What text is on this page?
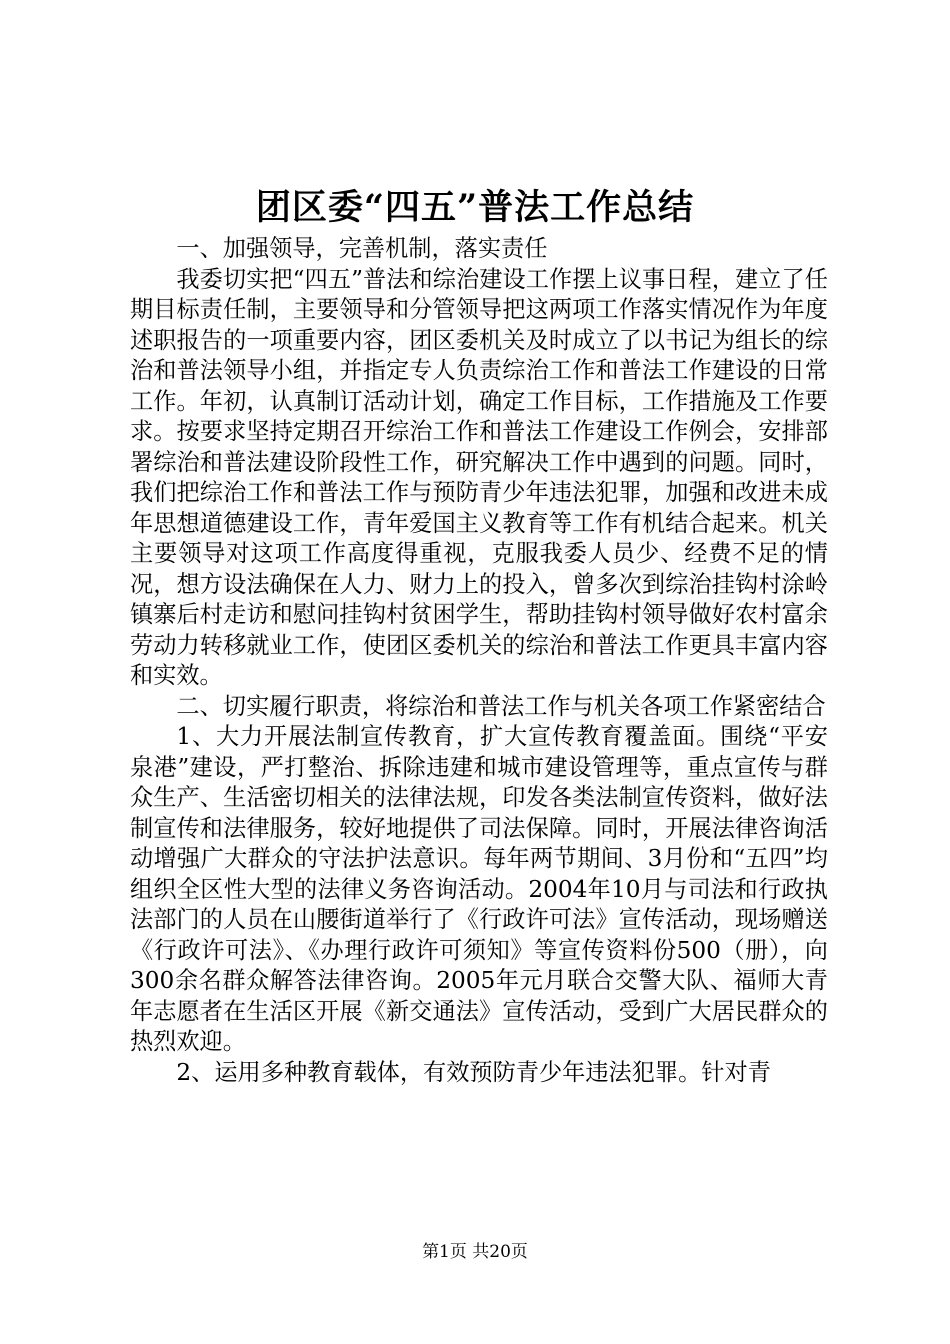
团区委“四五”普法工作总结

一、加强领导，完善机制，落实责任

我委切实把“四五”普法和综治建设工作摆上议事日程，建立了任期目标责任制，主要领导和分管领导把这两项工作落实情况作为年度述职报告的一项重要内容，团区委机关及时成立了以书记为组长的综治和普法领导小组，并指定专人负责综治工作和普法工作建设的日常工作。年初，认真制订活动计划，确定工作目标，工作措施及工作要求。按要求坚持定期召开综治工作和普法工作建设工作例会，安排部署综治和普法建设阶段性工作，研究解决工作中遇到的问题。同时，我们把综治工作和普法工作与预防青少年违法犯罪，加强和改进未成年思想道德建设工作，青年爱国主义教育等工作有机结合起来。机关主要领导对这项工作高度得重视，克服我委人员少、经费不足的情况，想方设法确保在人力、财力上的投入，曾多次到综治挂钩村涂岭镇寨后村走访和慰问挂钩村贫困学生，帮助挂钩村领导做好农村富余劳动力转移就业工作，使团区委机关的综治和普法工作更具丰富内容和实效。

二、切实履行职责，将综治和普法工作与机关各项工作紧密结合

1、大力开展法制宣传教育，扩大宣传教育覆盖面。围绕“平安泉港”建设，严打整治、拆除违建和城市建设管理等，重点宣传与群众生产、生活密切相关的法律法规，印发各类法制宣传资料，做好法制宣传和法律服务，较好地提供了司法保障。同时，开展法律咨询活动增强广大群众的守法护法意识。每年两节期间、3月份和“五四”均组织全区性大型的法律义务咨询活动。2004年10月与司法和行政执法部门的人员在山腰街道举行了《行政许可法》宣传活动，现场赠送《行政许可法》、《办理行政许可须知》等宣传资料份500（册），向300余名群众解答法律咨询。2005年元月联合交警大队、福师大青年志愿者在生活区开展《新交通法》宣传活动，受到广大居民群众的热烈欢迎。

2、运用多种教育载体，有效预防青少年违法犯罪。针对青

第1页 共20页
